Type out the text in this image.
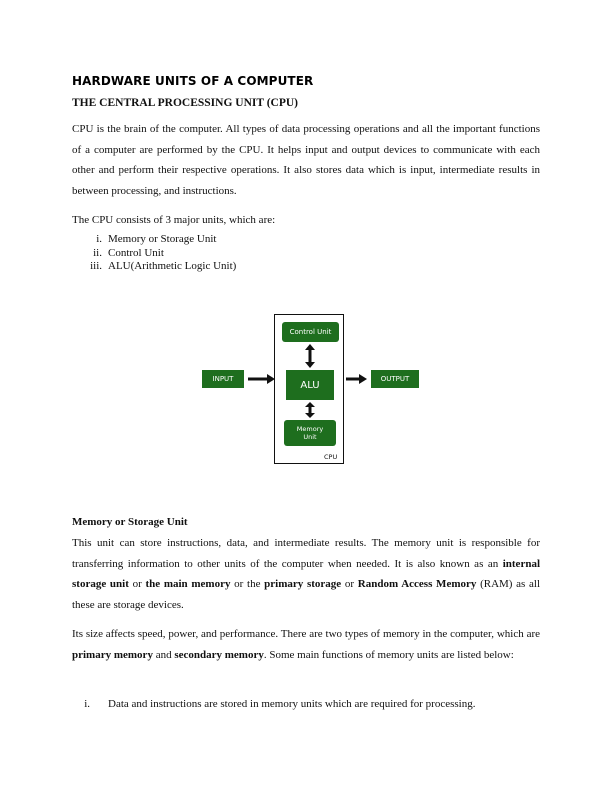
HARDWARE UNITS OF A COMPUTER
THE CENTRAL PROCESSING UNIT (CPU)

CPU is the brain of the computer. All types of data processing operations and all the important functions of a computer are performed by the CPU. It helps input and output devices to communicate with each other and perform their respective operations. It also stores data which is input, intermediate results in between processing, and instructions.

The CPU consists of 3 major units, which are:

i. Memory or Storage Unit
ii. Control Unit
iii. ALU(Arithmetic Logic Unit)
Control Unit
ALU
Memory
Unit
INPUT	OUTPUT
CPU
Memory or Storage Unit

This unit can store instructions, data, and intermediate results. The memory unit is responsible for transferring information to other units of the computer when needed. It is also known as an internal storage unit or the main memory or the primary storage or Random Access Memory (RAM) as all these are storage devices.

Its size affects speed, power, and performance. There are two types of memory in the computer, which are primary memory and secondary memory. Some main functions of memory units are listed below:

i. Data and instructions are stored in memory units which are required for processing.
